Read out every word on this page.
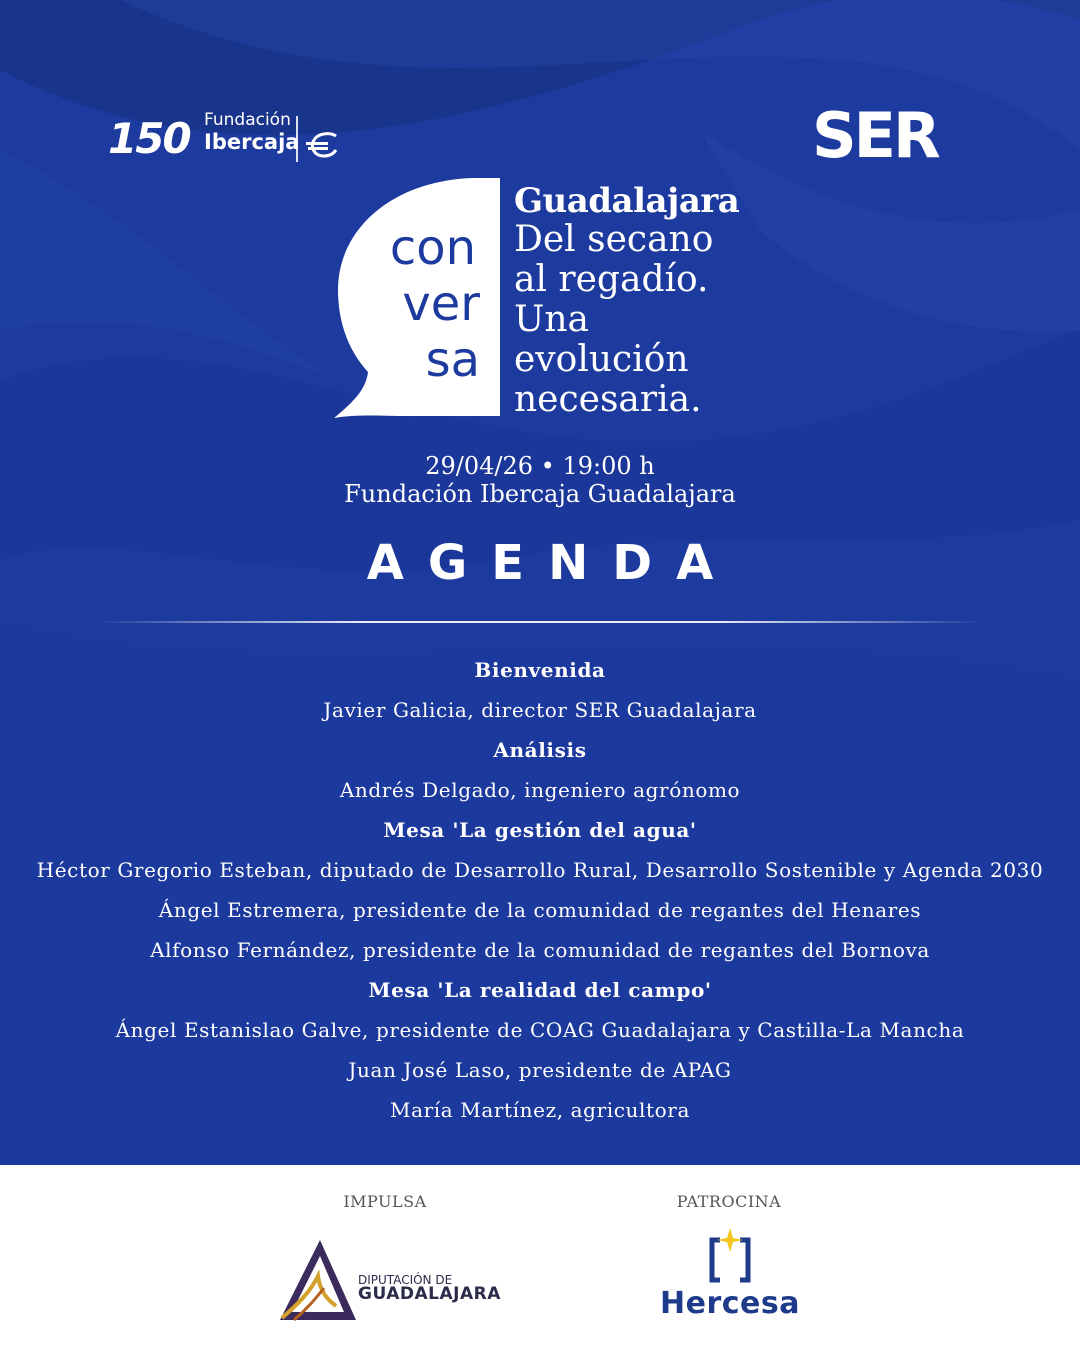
150 Fundación
Ibercaja	SER
con
ver
sa
Guadalajara
Del secano
al regadío.
Una
evolución
necesaria.
29/04/26 • 19:00 h
Fundación Ibercaja Guadalajara
AGENDA
Bienvenida
Javier Galicia, director SER Guadalajara
Análisis
Andrés Delgado, ingeniero agrónomo
Mesa 'La gestión del agua'
Héctor Gregorio Esteban, diputado de Desarrollo Rural, Desarrollo Sostenible y Agenda 2030
Ángel Estremera, presidente de la comunidad de regantes del Henares
Alfonso Fernández, presidente de la comunidad de regantes del Bornova
Mesa 'La realidad del campo'
Ángel Estanislao Galve, presidente de COAG Guadalajara y Castilla-La Mancha
Juan José Laso, presidente de APAG
María Martínez, agricultora
IMPULSA	PATROCINA
DIPUTACIÓN DE
GUADALAJARA	Hercesa
